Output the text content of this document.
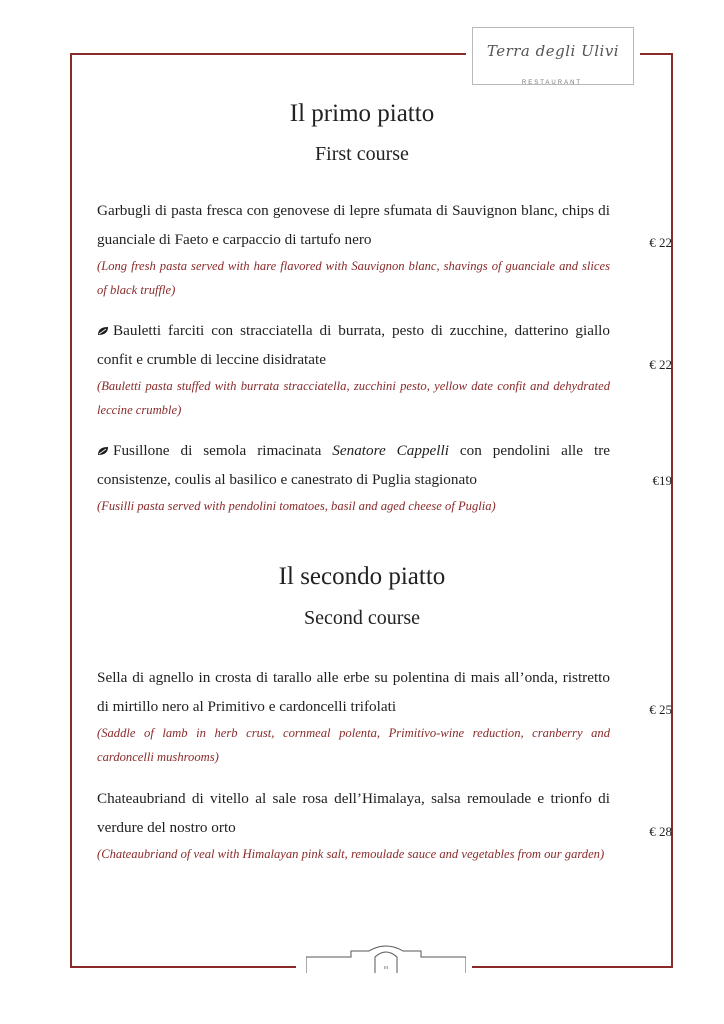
Terra degli Ulivi
RESTAURANT
Il primo piatto
First course
Garbugli di pasta fresca con genovese di lepre sfumata di Sauvignon blanc, chips di guanciale di Faeto e carpaccio di tartufo nero
(Long fresh pasta served with hare flavored with Sauvignon blanc, shavings of guanciale and slices of black truffle)
€ 22
Bauletti farciti con stracciatella di burrata, pesto di zucchine, datterino giallo confit e crumble di leccine disidratate
(Bauletti pasta stuffed with burrata stracciatella, zucchini pesto, yellow date confit and dehydrated leccine crumble)
€ 22
Fusillone di semola rimacinata Senatore Cappelli con pendolini alle tre consistenze, coulis al basilico e canestrato di Puglia stagionato
(Fusilli pasta served with pendolini tomatoes, basil and aged cheese of Puglia)
€19
Il secondo piatto
Second course
Sella di agnello in crosta di tarallo alle erbe su polentina di mais all’onda, ristretto di mirtillo nero al Primitivo e cardoncelli trifolati
(Saddle of lamb in herb crust, cornmeal polenta, Primitivo-wine reduction, cranberry and cardoncelli mushrooms)
€ 25
Chateaubriand di vitello al sale rosa dell’Himalaya, salsa remoulade e trionfo di verdure del nostro orto
(Chateaubriand of veal with Himalayan pink salt, remoulade sauce and vegetables from our garden)
€ 28
ııı
